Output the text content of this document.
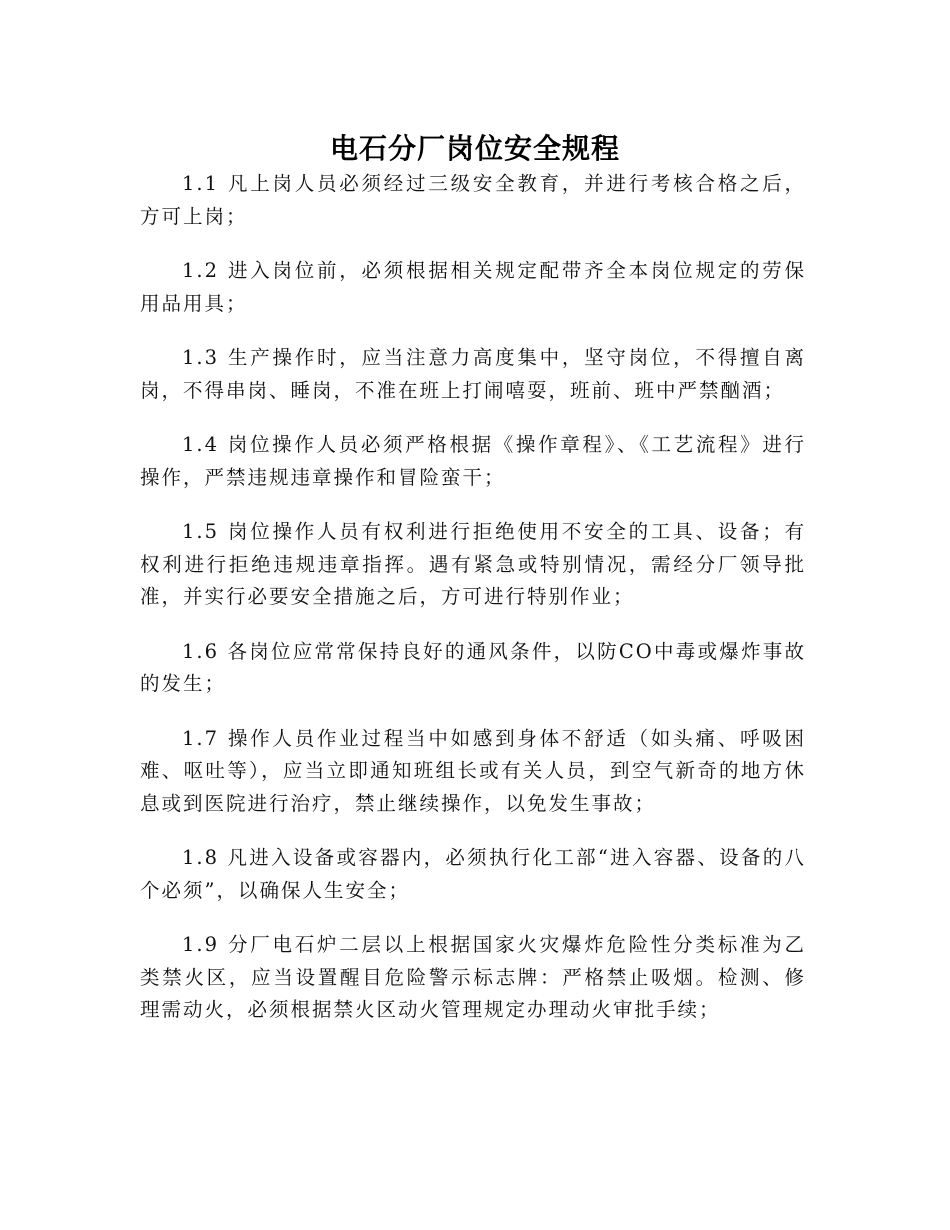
电石分厂岗位安全规程

1.1 凡上岗人员必须经过三级安全教育，并进行考核合格之后，方可上岗；

1.2 进入岗位前，必须根据相关规定配带齐全本岗位规定的劳保用品用具；

1.3 生产操作时，应当注意力高度集中，坚守岗位，不得擅自离岗，不得串岗、睡岗，不准在班上打闹嘻耍，班前、班中严禁酗酒；

1.4 岗位操作人员必须严格根据《操作章程》、《工艺流程》进行操作，严禁违规违章操作和冒险蛮干；

1.5 岗位操作人员有权利进行拒绝使用不安全的工具、设备；有权利进行拒绝违规违章指挥。遇有紧急或特别情况，需经分厂领导批准，并实行必要安全措施之后，方可进行特别作业；

1.6 各岗位应常常保持良好的通风条件，以防CO中毒或爆炸事故的发生；

1.7 操作人员作业过程当中如感到身体不舒适（如头痛、呼吸困难、呕吐等），应当立即通知班组长或有关人员，到空气新奇的地方休息或到医院进行治疗，禁止继续操作，以免发生事故；

1.8 凡进入设备或容器内，必须执行化工部“进入容器、设备的八个必须”，以确保人生安全；

1.9 分厂电石炉二层以上根据国家火灾爆炸危险性分类标准为乙类禁火区，应当设置醒目危险警示标志牌：严格禁止吸烟。检测、修理需动火，必须根据禁火区动火管理规定办理动火审批手续；
